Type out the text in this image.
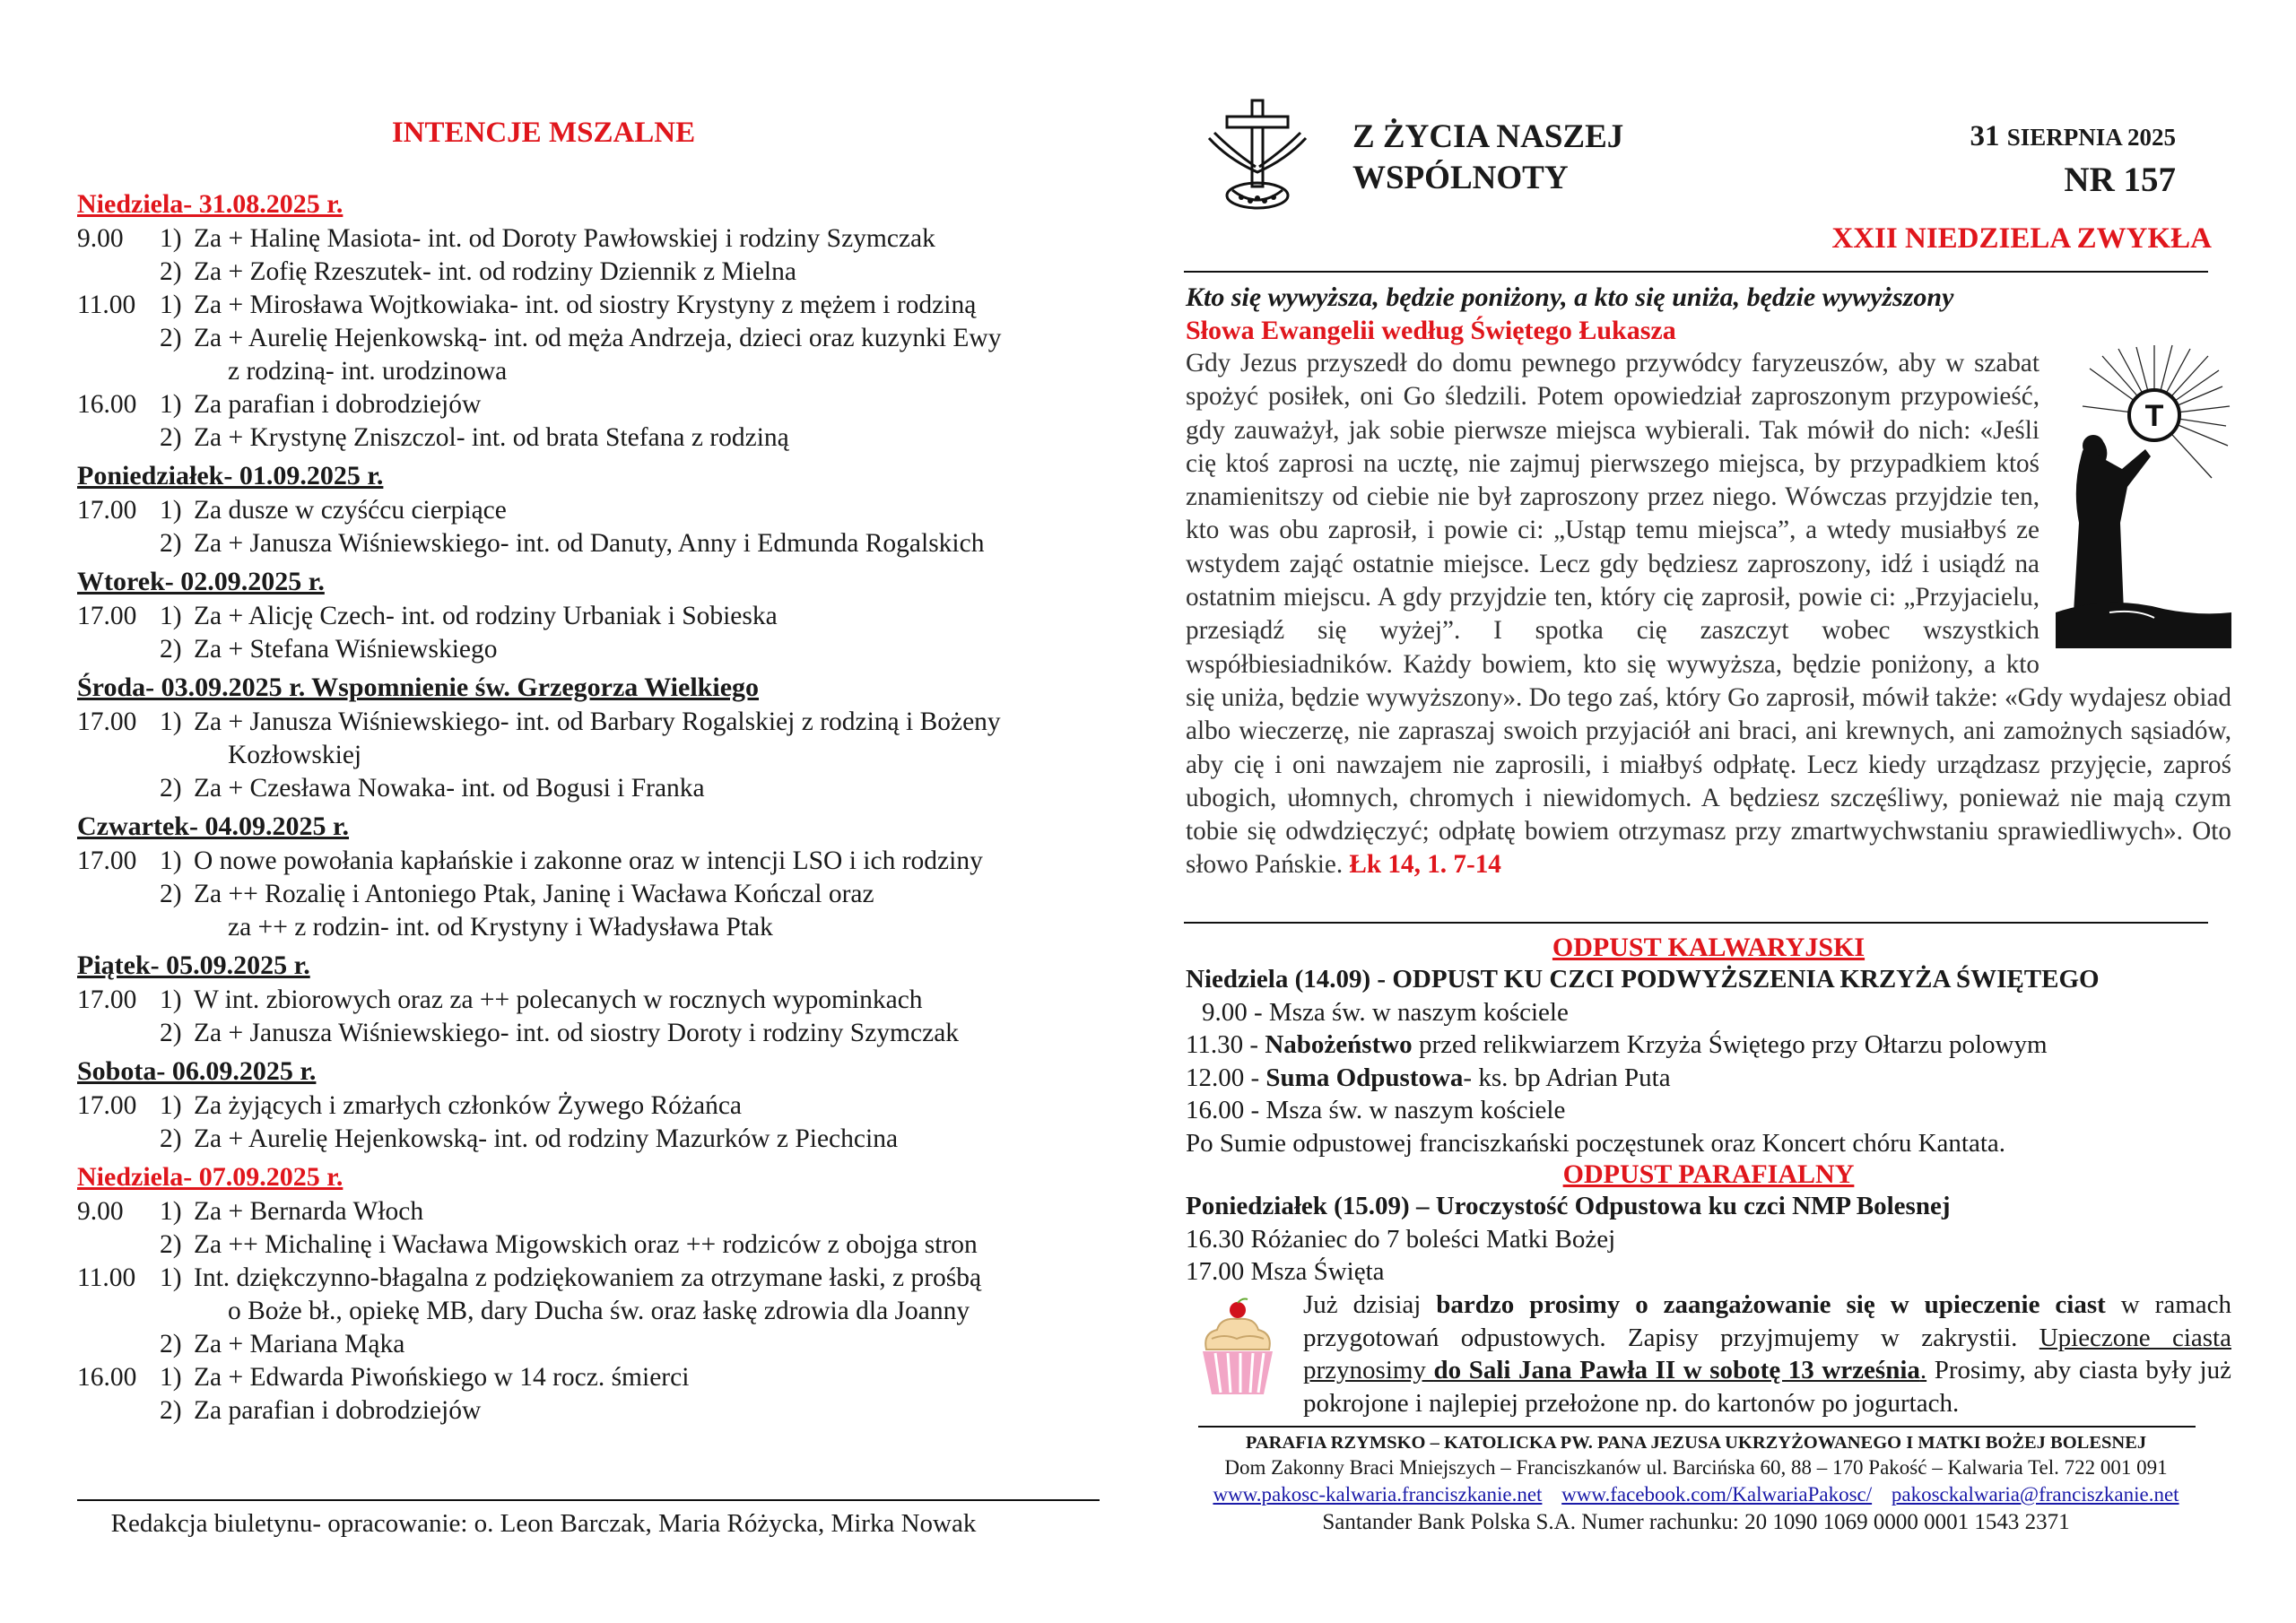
INTENCJE MSZALNE
Niedziela- 31.08.2025 r.
9.00	1) Za + Halinę Masiota- int. od Doroty Pawłowskiej i rodziny Szymczak
2) Za + Zofię Rzeszutek- int. od rodziny Dziennik z Mielna
11.00 1) Za + Mirosława Wojtkowiaka- int. od siostry Krystyny z mężem i rodziną
2) Za + Aurelię Hejenkowską- int. od męża Andrzeja, dzieci oraz kuzynki Ewy
z rodziną- int. urodzinowa
16.00 1) Za parafian i dobrodziejów
2) Za + Krystynę Zniszczol- int. od brata Stefana z rodziną
Poniedziałek- 01.09.2025 r.
17.00 1) Za dusze w czyśćcu cierpiące
2) Za + Janusza Wiśniewskiego- int. od Danuty, Anny i Edmunda Rogalskich
Wtorek- 02.09.2025 r.
17.00 1) Za + Alicję Czech- int. od rodziny Urbaniak i Sobieska
2) Za + Stefana Wiśniewskiego
Środa- 03.09.2025 r. Wspomnienie św. Grzegorza Wielkiego
17.00 1) Za + Janusza Wiśniewskiego- int. od Barbary Rogalskiej z rodziną i Bożeny
Kozłowskiej
2) Za + Czesława Nowaka- int. od Bogusi i Franka
Czwartek- 04.09.2025 r.
17.00 1) O nowe powołania kapłańskie i zakonne oraz w intencji LSO i ich rodziny
2) Za ++ Rozalię i Antoniego Ptak, Janinę i Wacława Kończal oraz
za ++ z rodzin- int. od Krystyny i Władysława Ptak
Piątek- 05.09.2025 r.
17.00 1) W int. zbiorowych oraz za ++ polecanych w rocznych wypominkach
2) Za + Janusza Wiśniewskiego- int. od siostry Doroty i rodziny Szymczak
Sobota- 06.09.2025 r.
17.00 1) Za żyjących i zmarłych członków Żywego Różańca
2) Za + Aurelię Hejenkowską- int. od rodziny Mazurków z Piechcina
Niedziela- 07.09.2025 r.
9.00	1) Za + Bernarda Włoch
2) Za ++ Michalinę i Wacława Migowskich oraz ++ rodziców z obojga stron
11.00 1) Int. dziękczynno-błagalna z podziękowaniem za otrzymane łaski, z prośbą
o Boże bł., opiekę MB, dary Ducha św. oraz łaskę zdrowia dla Joanny
2) Za + Mariana Mąka
16.00 1) Za + Edwarda Piwońskiego w 14 rocz. śmierci
2) Za parafian i dobrodziejów
Redakcja biuletynu- opracowanie: o. Leon Barczak, Maria Różycka, Mirka Nowak
Z ŻYCIA NASZEJ
WSPÓLNOTY
31 SIERPNIA 2025
NR 157
XXII NIEDZIELA ZWYKŁA
Kto się wywyższa, będzie poniżony, a kto się uniża, będzie wywyższony
Słowa Ewangelii według Świętego Łukasza
T
Gdy Jezus przyszedł do domu pewnego przywódcy faryzeuszów, aby w szabat spożyć posiłek, oni Go śledzili. Potem opowiedział zaproszonym przypowieść, gdy zauważył, jak sobie pierwsze miejsca wybierali. Tak mówił do nich: «Jeśli cię ktoś zaprosi na ucztę, nie zajmuj pierwszego miejsca, by przypadkiem ktoś znamienitszy od ciebie nie był zaproszony przez niego. Wówczas przyjdzie ten, kto was obu zaprosił, i powie ci: „Ustąp temu miejsca”, a wtedy musiałbyś ze wstydem zająć ostatnie miejsce. Lecz gdy będziesz zaproszony, idź i usiądź na ostatnim miejscu. A gdy przyjdzie ten, który cię zaprosił, powie ci: „Przyjacielu, przesiądź się wyżej”. I spotka cię zaszczyt wobec wszystkich współbiesiadników. Każdy bowiem, kto się wywyższa, będzie poniżony, a kto się uniża, będzie wywyższony». Do tego zaś, który Go zaprosił, mówił także: «Gdy wydajesz obiad albo wieczerzę, nie zapraszaj swoich przyjaciół ani braci, ani krewnych, ani zamożnych sąsiadów, aby cię i oni nawzajem nie zaprosili, i miałbyś odpłatę. Lecz kiedy urządzasz przyjęcie, zaproś ubogich, ułomnych, chromych i niewidomych. A będziesz szczęśliwy, ponieważ nie mają czym tobie się odwdzięczyć; odpłatę bowiem otrzymasz przy zmartwychwstaniu sprawiedliwych». Oto słowo Pańskie. Łk 14, 1. 7-14
ODPUST KALWARYJSKI
Niedziela (14.09) - ODPUST KU CZCI PODWYŻSZENIA KRZYŻA ŚWIĘTEGO
9.00 - Msza św. w naszym kościele
11.30 - Nabożeństwo przed relikwiarzem Krzyża Świętego przy Ołtarzu polowym
12.00 - Suma Odpustowa- ks. bp Adrian Puta
16.00 - Msza św. w naszym kościele
Po Sumie odpustowej franciszkański poczęstunek oraz Koncert chóru Kantata.
ODPUST PARAFIALNY
Poniedziałek (15.09) – Uroczystość Odpustowa ku czci NMP Bolesnej
16.30 Różaniec do 7 boleści Matki Bożej
17.00 Msza Święta
Już dzisiaj bardzo prosimy o zaangażowanie się w upieczenie ciast w ramach przygotowań odpustowych. Zapisy przyjmujemy w zakrystii. Upieczone ciasta przynosimy do Sali Jana Pawła II w sobotę 13 września. Prosimy, aby ciasta były już pokrojone i najlepiej przełożone np. do kartonów po jogurtach.
PARAFIA RZYMSKO – KATOLICKA PW. PANA JEZUSA UKRZYŻOWANEGO I MATKI BOŻEJ BOLESNEJ
Dom Zakonny Braci Mniejszych – Franciszkanów ul. Barcińska 60, 88 – 170 Pakość – Kalwaria Tel. 722 001 091
www.pakosc-kalwaria.franciszkanie.net www.facebook.com/KalwariaPakosc/ pakosckalwaria@franciszkanie.net
Santander Bank Polska S.A. Numer rachunku: 20 1090 1069 0000 0001 1543 2371
